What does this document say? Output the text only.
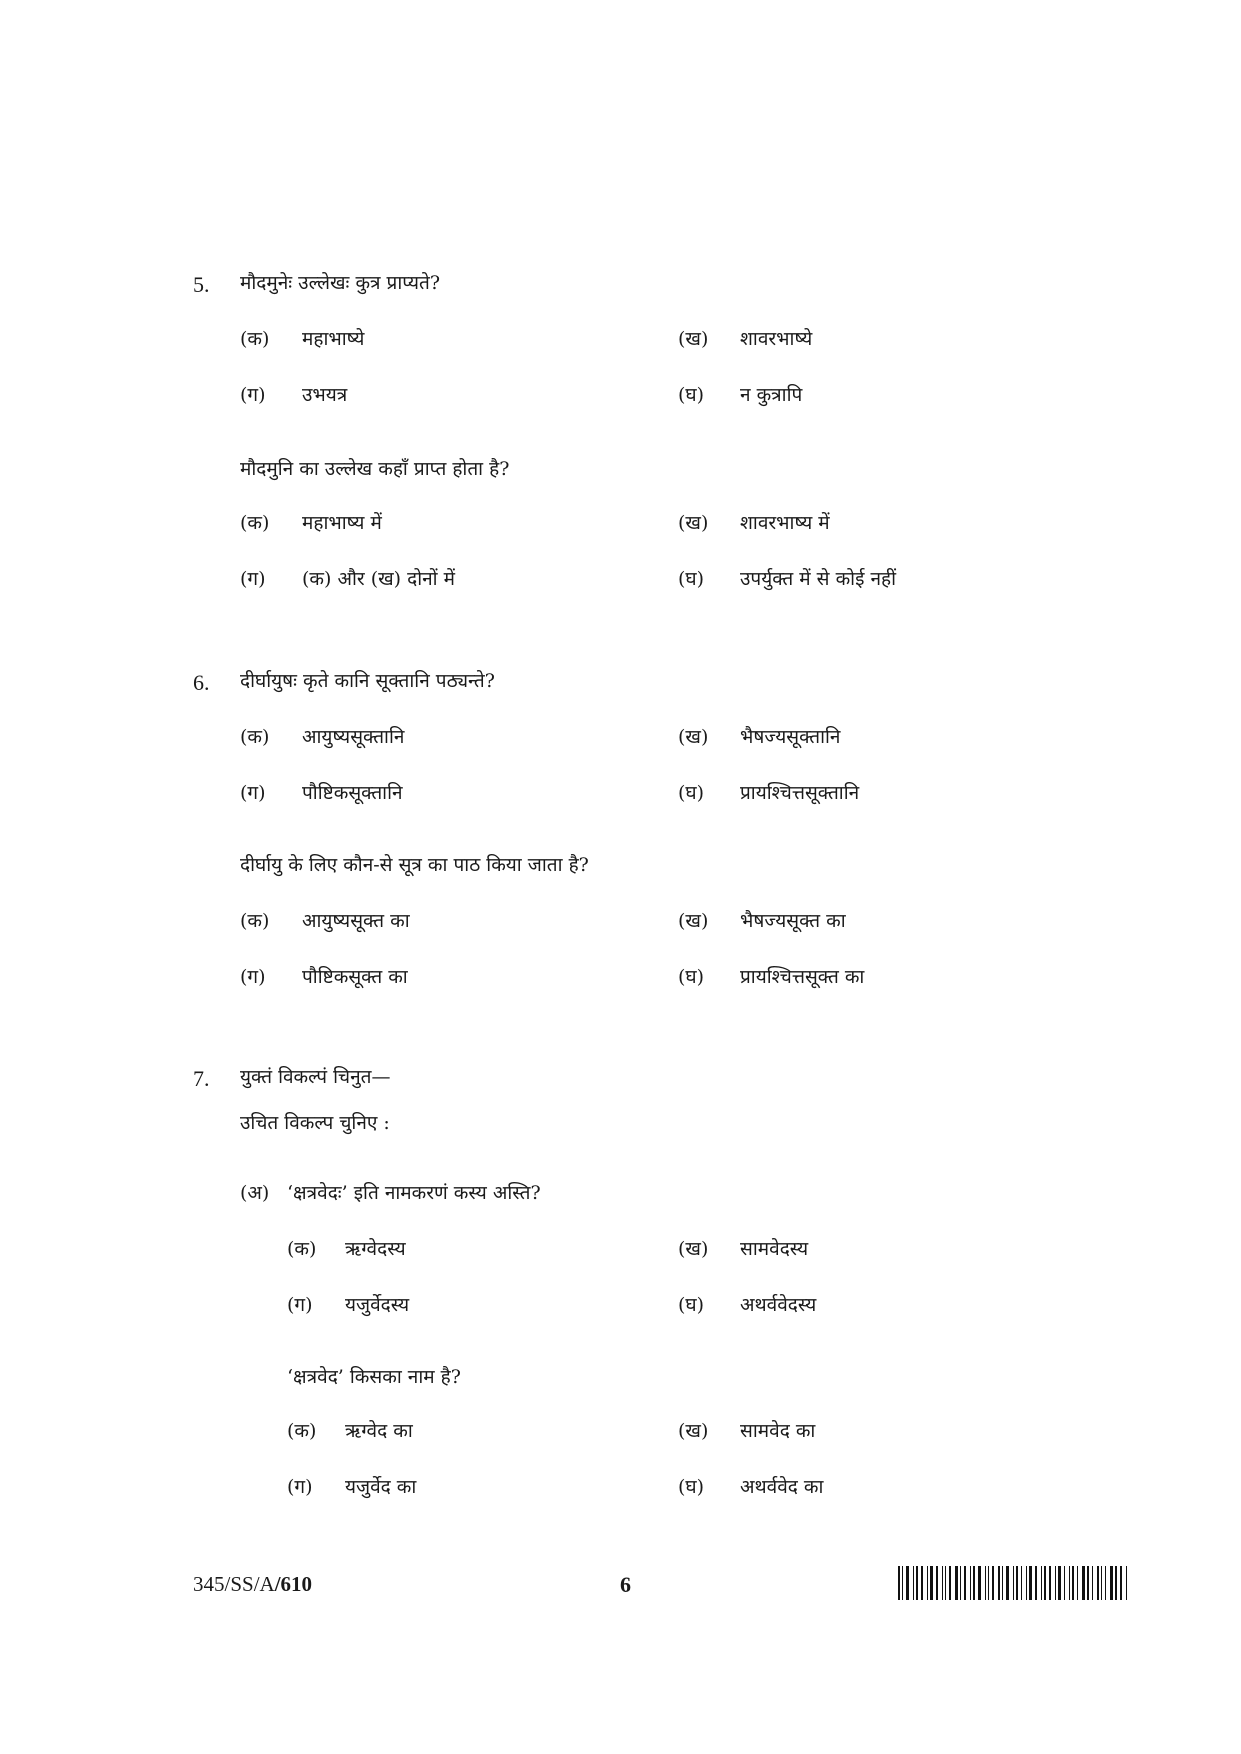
5. मौदमुनेः उल्लेखः कुत्र प्राप्यते?
(क) महाभाष्ये	(ख) शावरभाष्ये
(ग) उभयत्र	(घ) न कुत्रापि
मौदमुनि का उल्लेख कहाँ प्राप्त होता है?
(क) महाभाष्य में	(ख) शावरभाष्य में
(ग) (क) और (ख) दोनों में	(घ) उपर्युक्त में से कोई नहीं
6. दीर्घायुषः कृते कानि सूक्तानि पठ्यन्ते?
(क) आयुष्यसूक्तानि	(ख) भैषज्यसूक्तानि
(ग) पौष्टिकसूक्तानि	(घ) प्रायश्चित्तसूक्तानि
दीर्घायु के लिए कौन-से सूत्र का पाठ किया जाता है?
(क) आयुष्यसूक्त का	(ख) भैषज्यसूक्त का
(ग) पौष्टिकसूक्त का	(घ) प्रायश्चित्तसूक्त का
7. युक्तं विकल्पं चिनुत—
उचित विकल्प चुनिए :
(अ) ‘क्षत्रवेदः’ इति नामकरणं कस्य अस्ति?
(क) ऋग्वेदस्य	(ख) सामवेदस्य
(ग) यजुर्वेदस्य	(घ) अथर्ववेदस्य
‘क्षत्रवेद’ किसका नाम है?
(क) ऋग्वेद का	(ख) सामवेद का
(ग) यजुर्वेद का	(घ) अथर्ववेद का
345/SS/A/610	6
